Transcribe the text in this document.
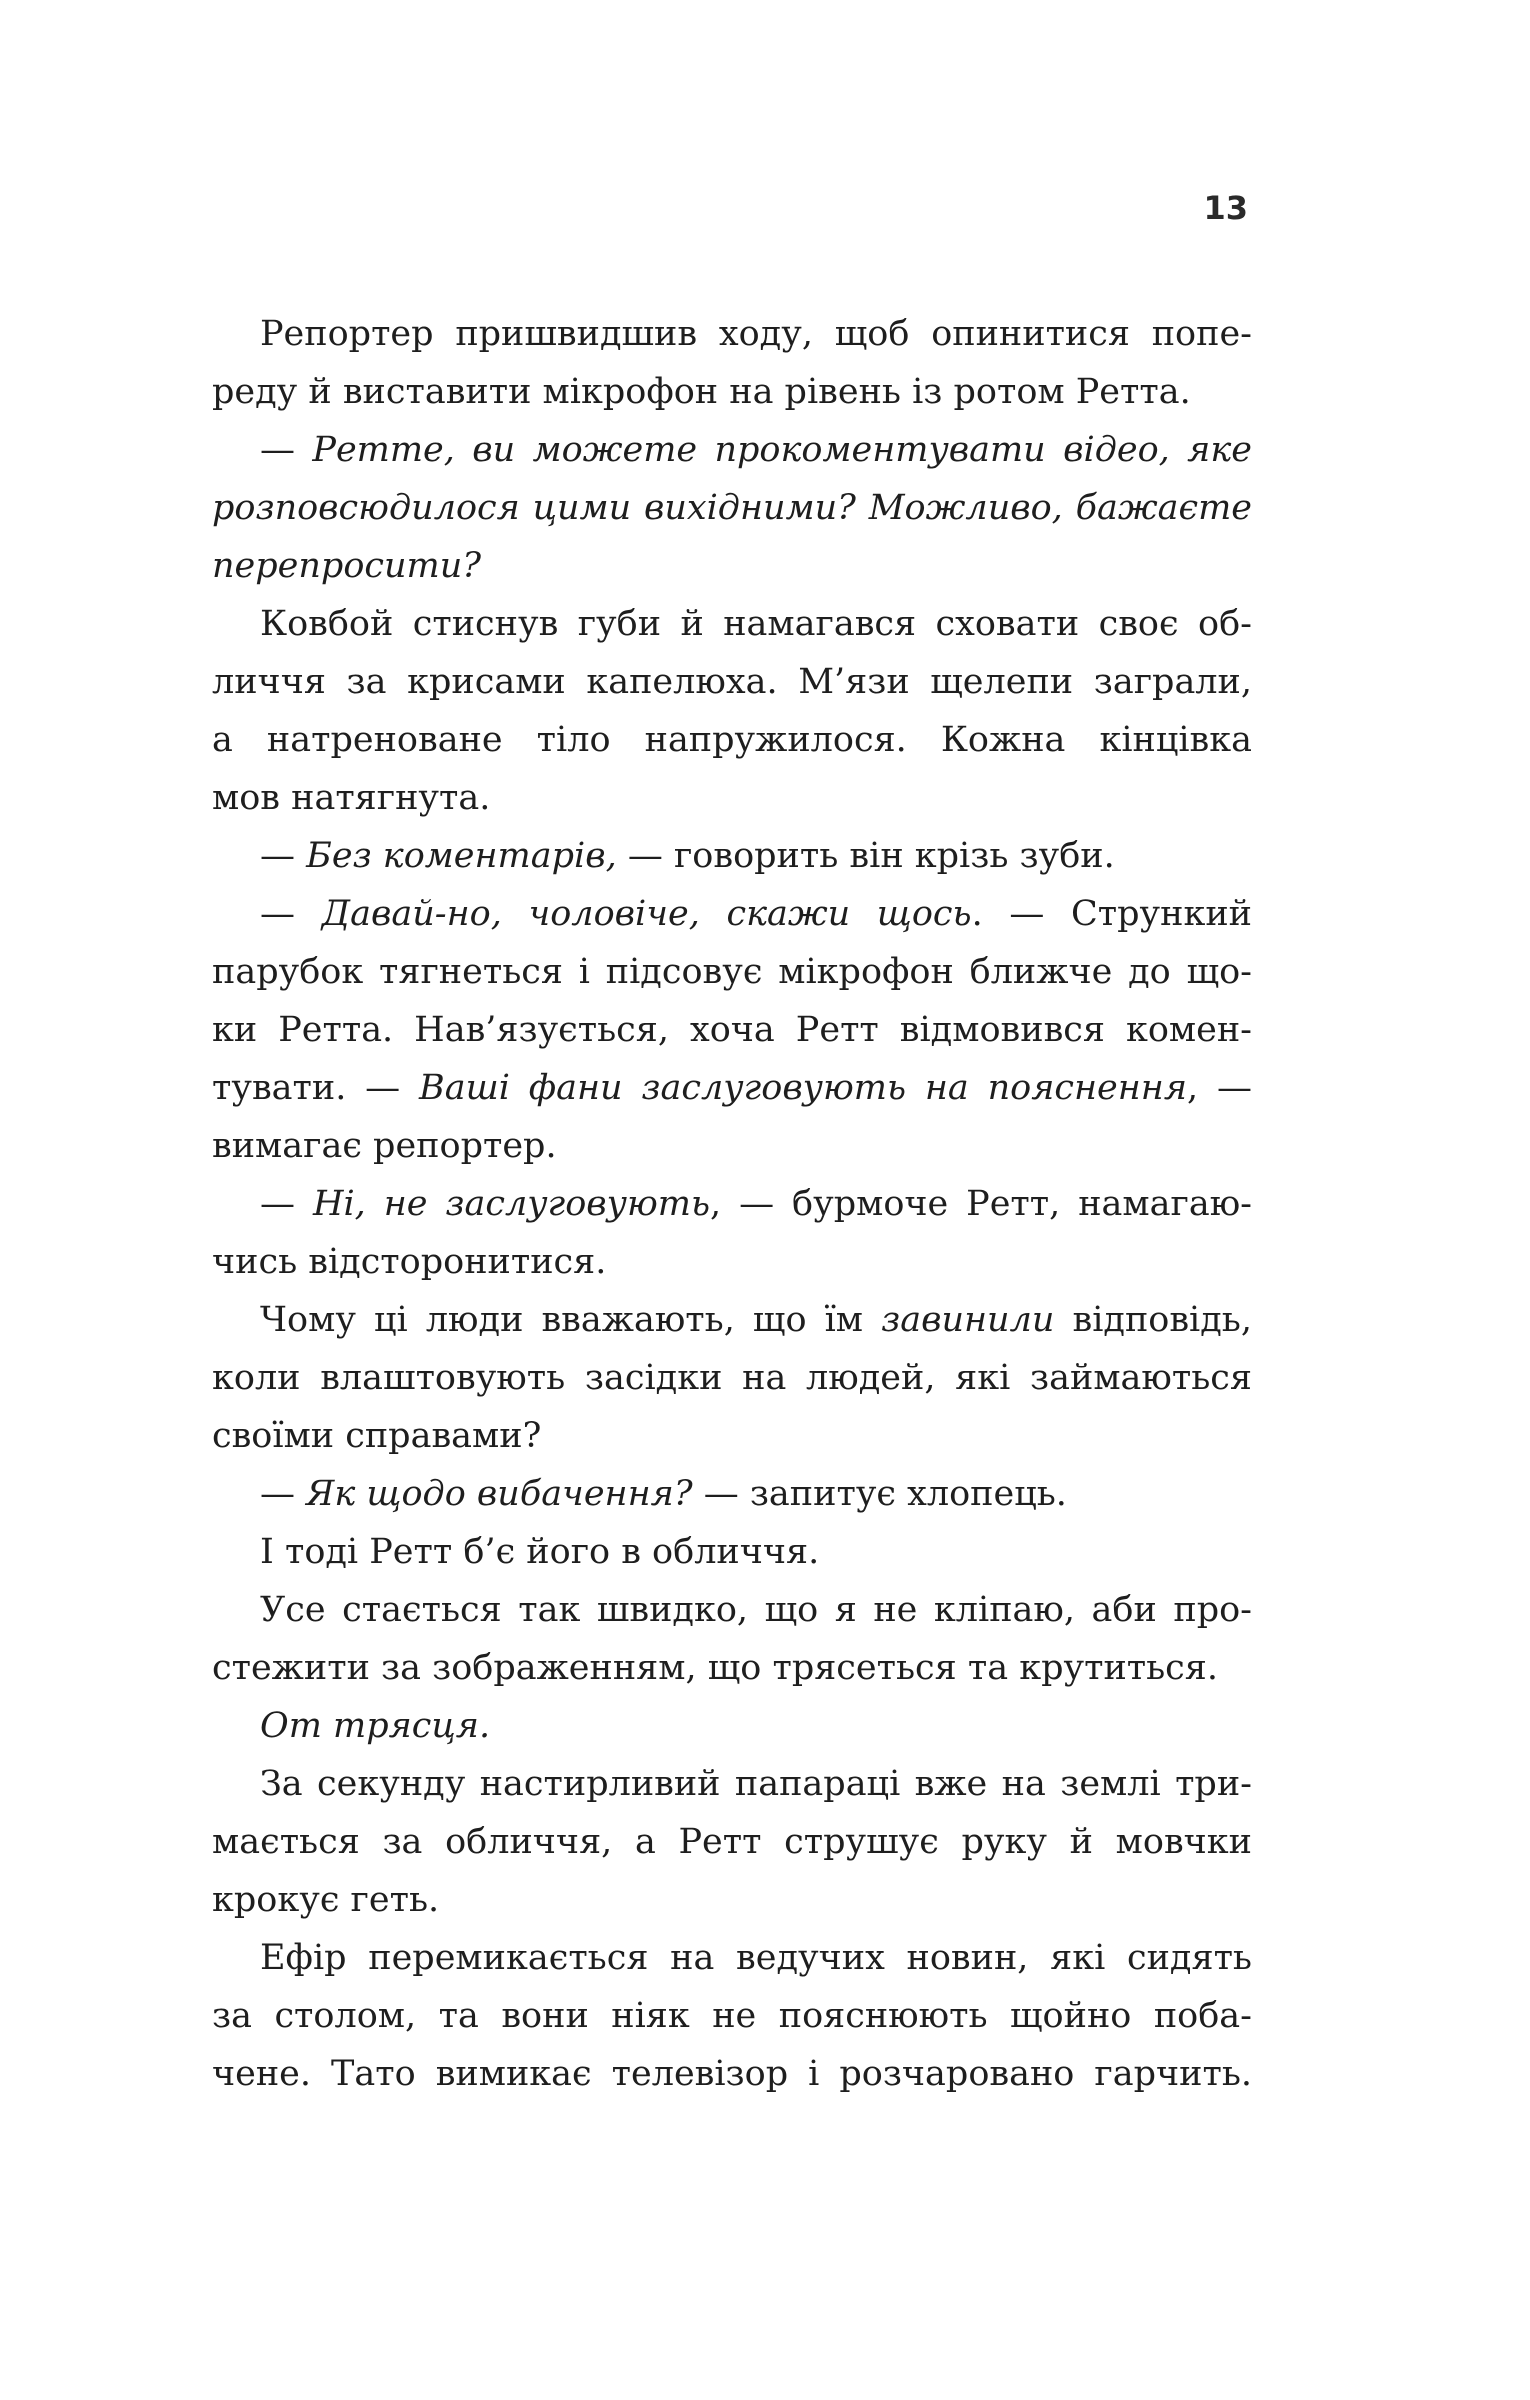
13
Репортер пришвидшив ходу, щоб опинитися попе-
реду й виставити мікрофон на рівень із ротом Ретта.
— Ретте, ви можете прокоментувати відео, яке
розповсюдилося цими вихідними? Можливо, бажаєте
перепросити?
Ковбой стиснув губи й намагався сховати своє об-
личчя за крисами капелюха. М’язи щелепи заграли,
а натреноване тіло напружилося. Кожна кінцівка
мов натягнута.
— Без коментарів, — говорить він крізь зуби.
— Давай-но, чоловіче, скажи щось. — Стрункий
парубок тягнеться і підсовує мікрофон ближче до що-
ки Ретта. Нав’язується, хоча Ретт відмовився комен-
тувати. — Ваші фани заслуговують на пояснення, —
вимагає репортер.
— Ні, не заслуговують, — бурмоче Ретт, намагаю-
чись відсторонитися.
Чому ці люди вважають, що їм завинили відповідь,
коли влаштовують засідки на людей, які займаються
своїми справами?
— Як щодо вибачення? — запитує хлопець.
І тоді Ретт б’є його в обличчя.
Усе стається так швидко, що я не кліпаю, аби про-
стежити за зображенням, що трясеться та крутиться.
От трясця.
За секунду настирливий папараці вже на землі три-
мається за обличчя, а Ретт струшує руку й мовчки
крокує геть.
Ефір перемикається на ведучих новин, які сидять
за столом, та вони ніяк не пояснюють щойно поба-
чене. Тато вимикає телевізор і розчаровано гарчить.
